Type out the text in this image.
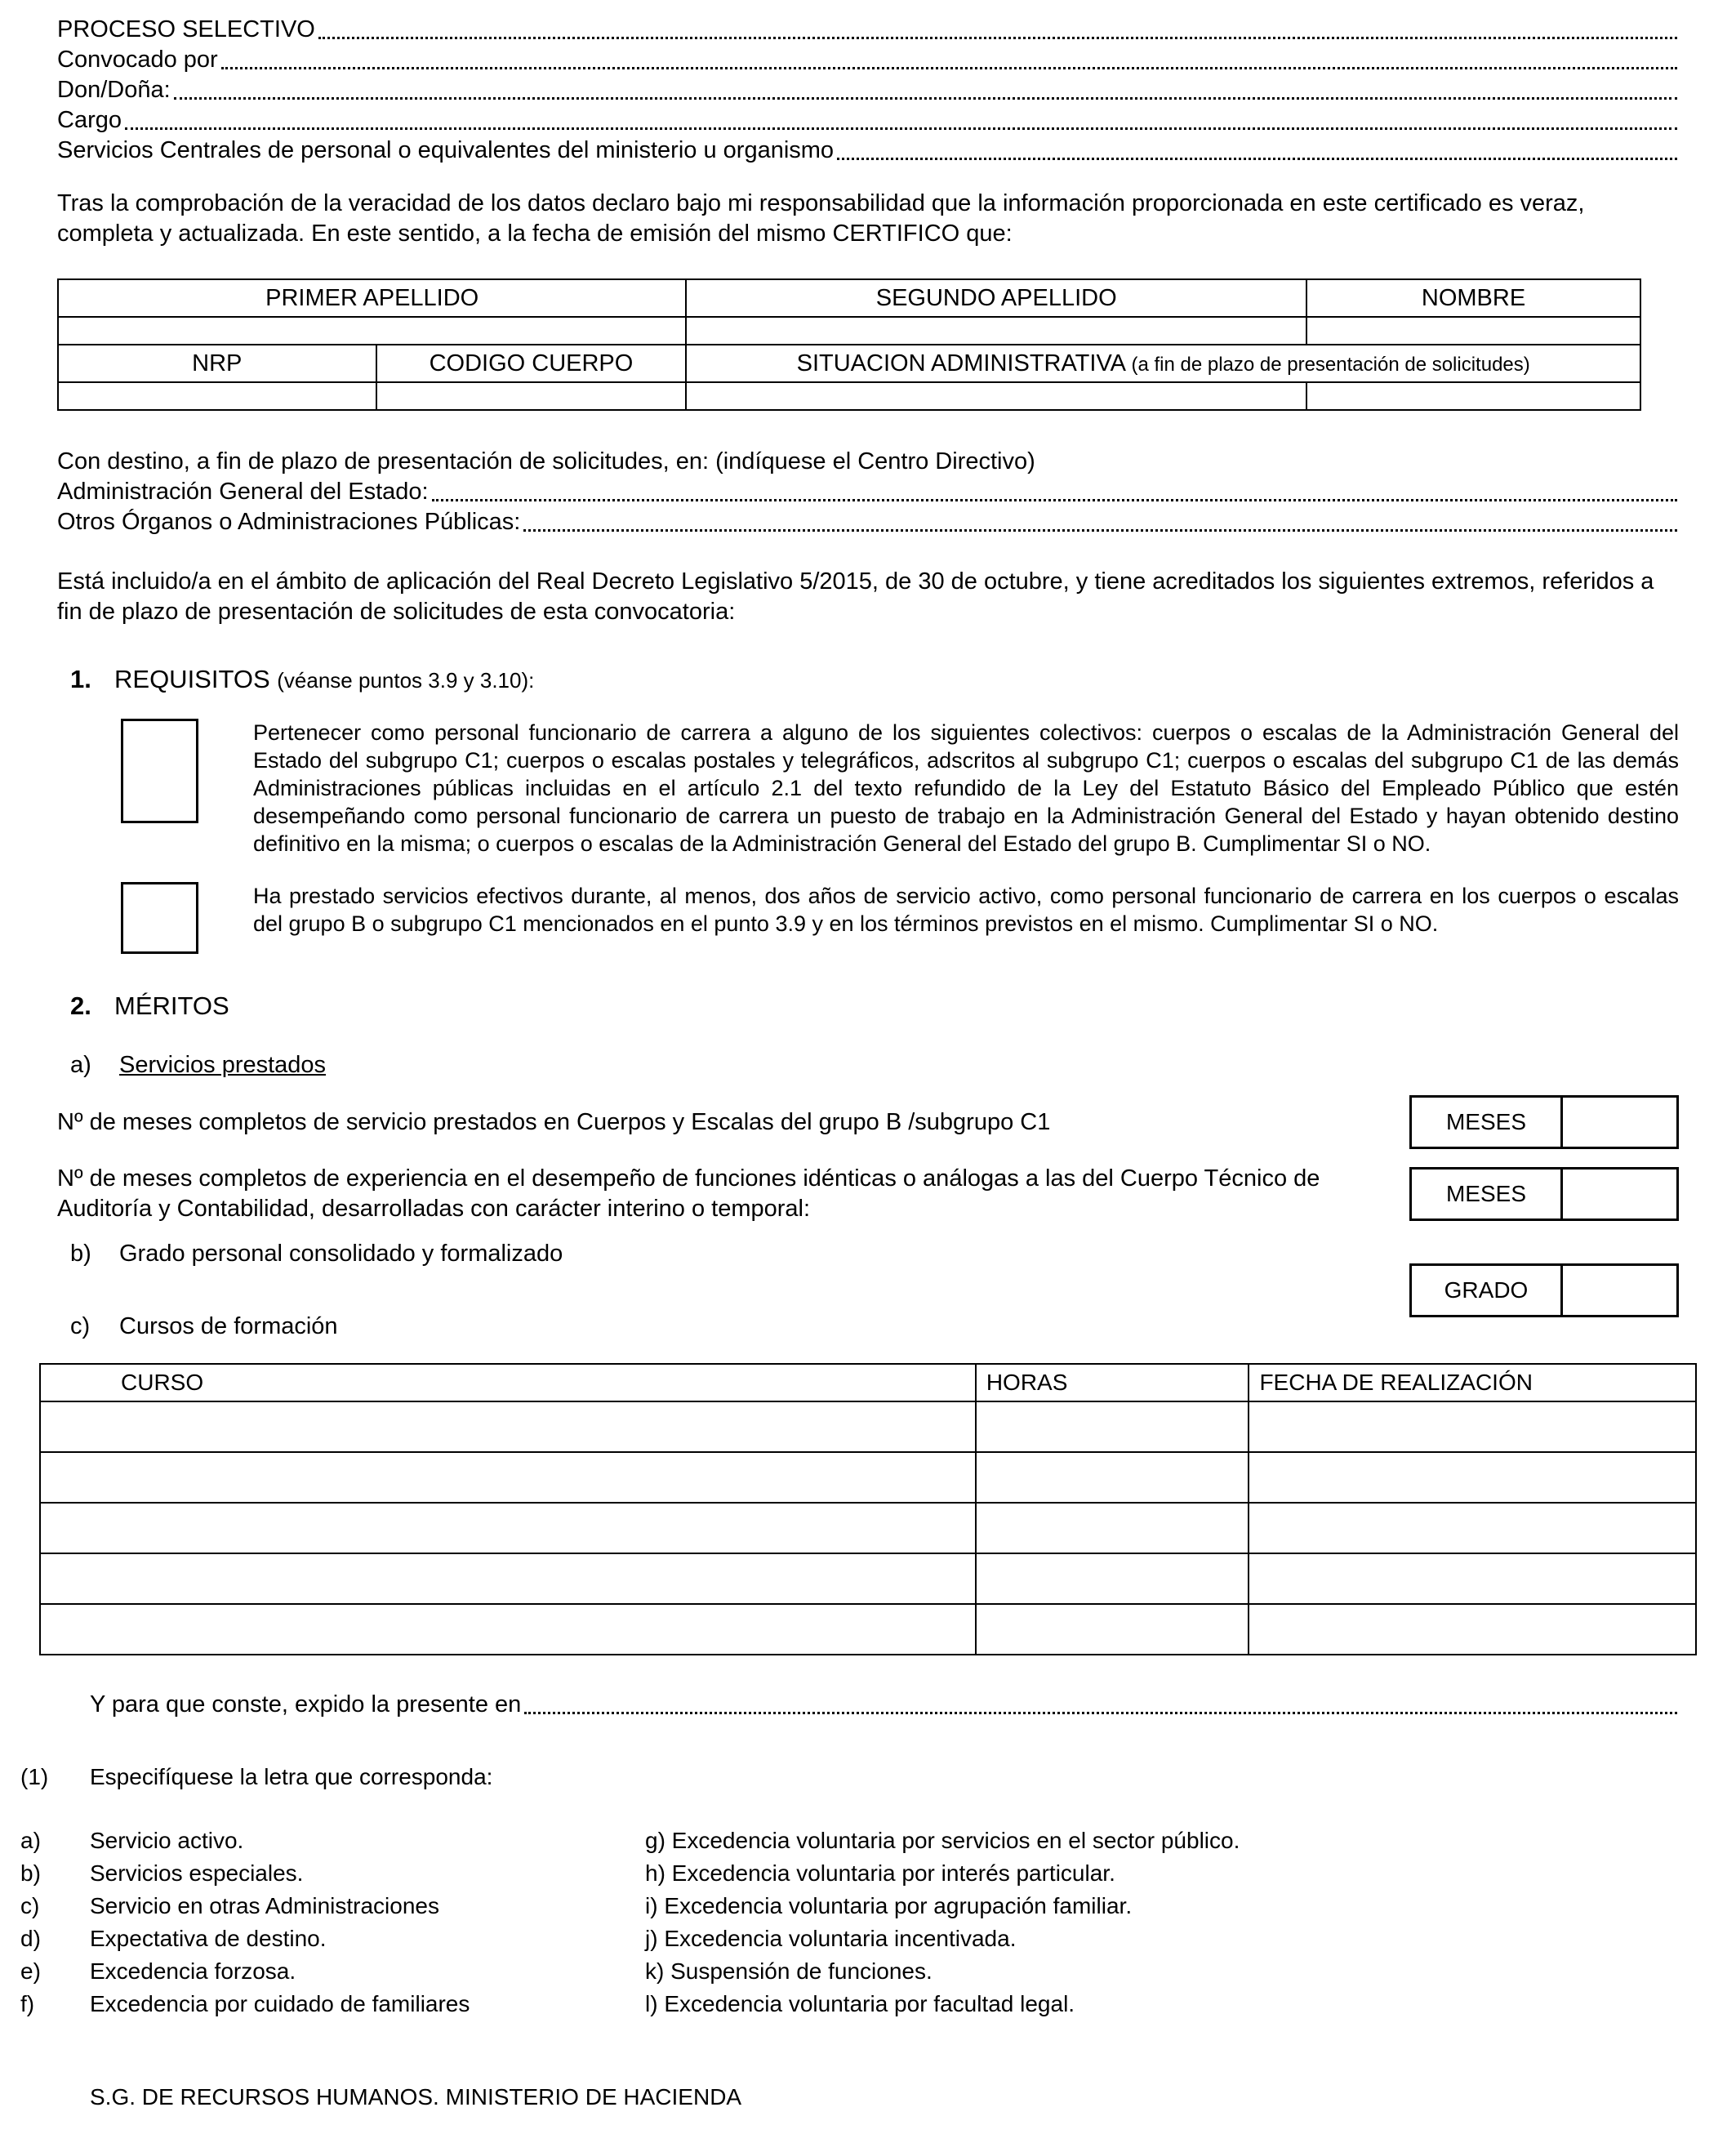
PROCESO SELECTIVO
Convocado por
Don/Doña:
Cargo
Servicios Centrales de personal o equivalentes del ministerio u organismo

Tras la comprobación de la veracidad de los datos declaro bajo mi responsabilidad que la información proporcionada en este certificado es veraz, completa y actualizada. En este sentido, a la fecha de emisión del mismo CERTIFICO que:

PRIMER APELLIDO		SEGUNDO APELLIDO	NOMBRE

NRP	CODIGO CUERPO	SITUACION ADMINISTRATIVA (a fin de plazo de presentación de solicitudes)	

Con destino, a fin de plazo de presentación de solicitudes, en: (indíquese el Centro Directivo)

Administración General del Estado:
Otros Órganos o Administraciones Públicas:

Está incluido/a en el ámbito de aplicación del Real Decreto Legislativo 5/2015, de 30 de octubre, y tiene acreditados los siguientes extremos, referidos a fin de plazo de presentación de solicitudes de esta convocatoria:

1. REQUISITOS (véanse puntos 3.9 y 3.10):

Pertenecer como personal funcionario de carrera a alguno de los siguientes colectivos: cuerpos o escalas de la Administración General del Estado del subgrupo C1; cuerpos o escalas postales y telegráficos, adscritos al subgrupo C1; cuerpos o escalas del subgrupo C1 de las demás Administraciones públicas incluidas en el artículo 2.1 del texto refundido de la Ley del Estatuto Básico del Empleado Público que estén desempeñando como personal funcionario de carrera un puesto de trabajo en la Administración General del Estado y hayan obtenido destino definitivo en la misma; o cuerpos o escalas de la Administración General del Estado del grupo B. Cumplimentar SI o NO.

Ha prestado servicios efectivos durante, al menos, dos años de servicio activo, como personal funcionario de carrera en los cuerpos o escalas del grupo B o subgrupo C1 mencionados en el punto 3.9 y en los términos previstos en el mismo. Cumplimentar SI o NO.

2. MÉRITOS
a) Servicios prestados

Nº de meses completos de servicio prestados en Cuerpos y Escalas del grupo B /subgrupo C1	MESES

Nº de meses completos de experiencia en el desempeño de funciones idénticas o análogas a las del Cuerpo Técnico de Auditoría y Contabilidad, desarrolladas con carácter interino o temporal:

MESES
b) Grado personal consolidado y formalizado
c) Cursos de formación
GRADO
CURSO	HORAS	FECHA DE REALIZACIÓN

Y para que conste, expido la presente en
(1)	Especifíquese la letra que corresponda:
a)	Servicio activo.	g) Excedencia voluntaria por servicios en el sector público.
b)	Servicios especiales.	h) Excedencia voluntaria por interés particular.
c)	Servicio en otras Administraciones	i) Excedencia voluntaria por agrupación familiar.
d)	Expectativa de destino.	j) Excedencia voluntaria incentivada.
e)	Excedencia forzosa.	k) Suspensión de funciones.
f)	Excedencia por cuidado de familiares	l) Excedencia voluntaria por facultad legal.
S.G. DE RECURSOS HUMANOS. MINISTERIO DE HACIENDA
